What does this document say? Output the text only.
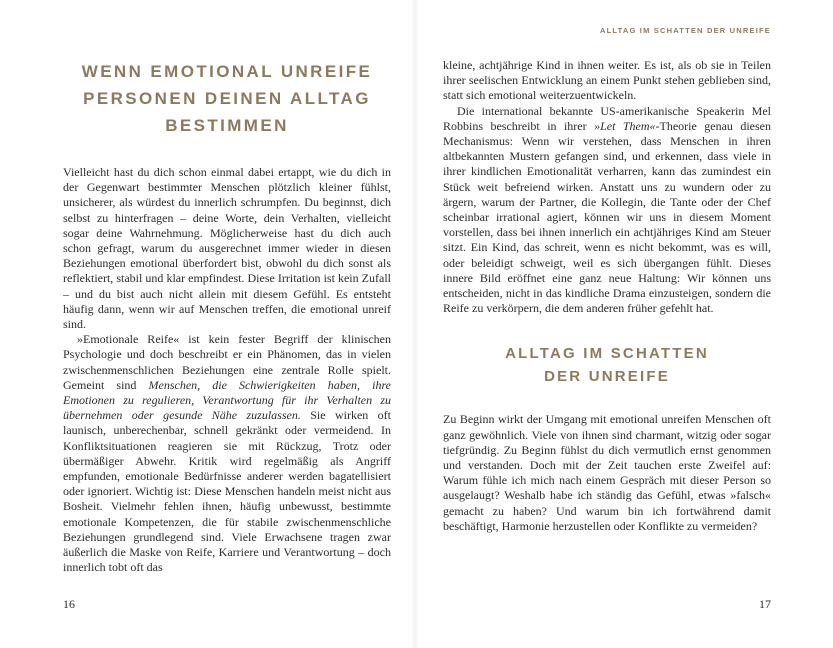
WENN EMOTIONAL UNREIFE
PERSONEN DEINEN ALLTAG
BESTIMMEN

Vielleicht hast du dich schon einmal dabei ertappt, wie du dich in der Gegenwart bestimmter Menschen plötzlich kleiner fühlst, unsicherer, als würdest du innerlich schrumpfen. Du beginnst, dich selbst zu hinterfragen – deine Worte, dein Verhalten, vielleicht sogar deine Wahrnehmung. Möglicherweise hast du dich auch schon gefragt, warum du ausgerechnet immer wieder in diesen Beziehungen emotional überfordert bist, obwohl du dich sonst als reflektiert, stabil und klar empfindest. Diese Irritation ist kein Zufall – und du bist auch nicht allein mit diesem Gefühl. Es entsteht häufig dann, wenn wir auf Menschen treffen, die emotional unreif sind.

»Emotionale Reife« ist kein fester Begriff der klinischen Psychologie und doch beschreibt er ein Phänomen, das in vielen zwischenmenschlichen Beziehungen eine zentrale Rolle spielt. Gemeint sind Menschen, die Schwierigkeiten haben, ihre Emotionen zu regulieren, Verantwortung für ihr Verhalten zu übernehmen oder gesunde Nähe zuzulassen. Sie wirken oft launisch, unberechenbar, schnell gekränkt oder vermeidend. In Konfliktsituationen reagieren sie mit Rückzug, Trotz oder übermäßiger Abwehr. Kritik wird regelmäßig als Angriff empfunden, emotionale Bedürfnisse anderer werden bagatellisiert oder ignoriert. Wichtig ist: Diese Menschen handeln meist nicht aus Bosheit. Vielmehr fehlen ihnen, häufig unbewusst, bestimmte emotionale Kompetenzen, die für stabile zwischenmenschliche Beziehungen grundlegend sind. Viele Erwachsene tragen zwar äußerlich die Maske von Reife, Karriere und Verantwortung – doch innerlich tobt oft das

16
ALLTAG IM SCHATTEN DER UNREIFE

kleine, achtjährige Kind in ihnen weiter. Es ist, als ob sie in Teilen ihrer seelischen Entwicklung an einem Punkt stehen geblieben sind, statt sich emotional weiterzuentwickeln.

Die international bekannte US-amerikanische Speakerin Mel Robbins beschreibt in ihrer »Let Them«-Theorie genau diesen Mechanismus: Wenn wir verstehen, dass Menschen in ihren altbekannten Mustern gefangen sind, und erkennen, dass viele in ihrer kindlichen Emotionalität verharren, kann das zumindest ein Stück weit befreiend wirken. Anstatt uns zu wundern oder zu ärgern, warum der Partner, die Kollegin, die Tante oder der Chef scheinbar irrational agiert, können wir uns in diesem Moment vorstellen, dass bei ihnen innerlich ein achtjähriges Kind am Steuer sitzt. Ein Kind, das schreit, wenn es nicht bekommt, was es will, oder beleidigt schweigt, weil es sich übergangen fühlt. Dieses innere Bild eröffnet eine ganz neue Haltung: Wir können uns entscheiden, nicht in das kindliche Drama einzusteigen, sondern die Reife zu verkörpern, die dem anderen früher gefehlt hat.

ALLTAG IM SCHATTEN
DER UNREIFE

Zu Beginn wirkt der Umgang mit emotional unreifen Menschen oft ganz gewöhnlich. Viele von ihnen sind charmant, witzig oder sogar tiefgründig. Zu Beginn fühlst du dich vermutlich ernst genommen und verstanden. Doch mit der Zeit tauchen erste Zweifel auf: Warum fühle ich mich nach einem Gespräch mit dieser Person so ausgelaugt? Weshalb habe ich ständig das Gefühl, etwas »falsch« gemacht zu haben? Und warum bin ich fortwährend damit beschäftigt, Harmonie herzustellen oder Konflikte zu vermeiden?

17
